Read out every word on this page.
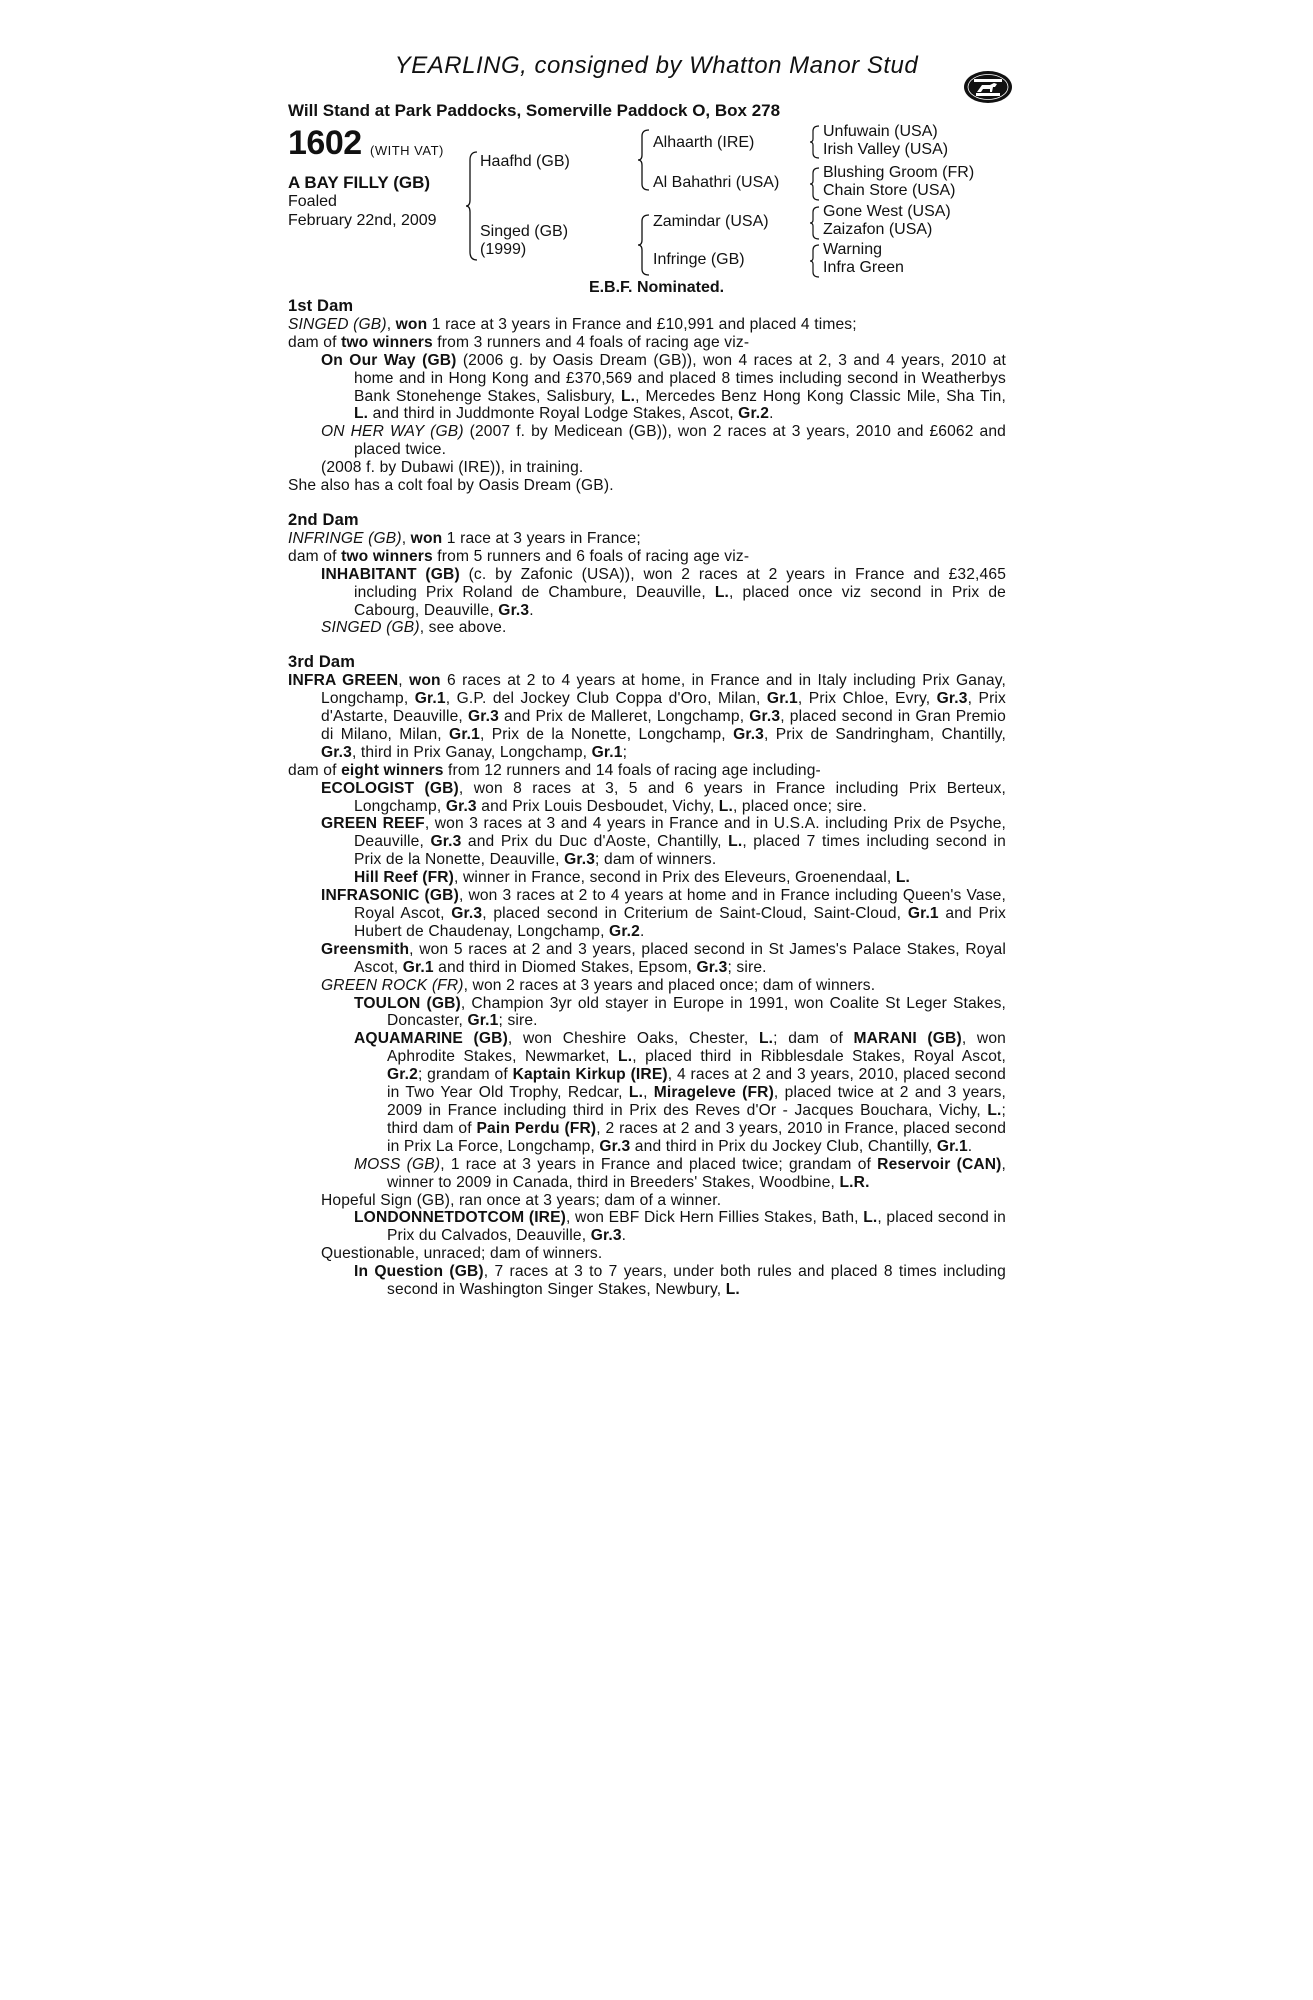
YEARLING, consigned by Whatton Manor Stud
Will Stand at Park Paddocks, Somerville Paddock O, Box 278
1602 (WITH VAT)
A BAY FILLY (GB)
Foaled
February 22nd, 2009
Haafhd (GB)
Singed (GB)
(1999)
Alhaarth (IRE)
Al Bahathri (USA)
Zamindar (USA)
Infringe (GB)
Unfuwain (USA)
Irish Valley (USA)
Blushing Groom (FR)
Chain Store (USA)
Gone West (USA)
Zaizafon (USA)
Warning
Infra Green
E.B.F. Nominated.

1st Dam

SINGED (GB), won 1 race at 3 years in France and £10,991 and placed 4 times;

dam of two winners from 3 runners and 4 foals of racing age viz-

On Our Way (GB) (2006 g. by Oasis Dream (GB)), won 4 races at 2, 3 and 4 years, 2010 at home and in Hong Kong and £370,569 and placed 8 times including second in Weatherbys Bank Stonehenge Stakes, Salisbury, L., Mercedes Benz Hong Kong Classic Mile, Sha Tin, L. and third in Juddmonte Royal Lodge Stakes, Ascot, Gr.2.

ON HER WAY (GB) (2007 f. by Medicean (GB)), won 2 races at 3 years, 2010 and £6062 and placed twice.

(2008 f. by Dubawi (IRE)), in training.

She also has a colt foal by Oasis Dream (GB).

2nd Dam

INFRINGE (GB), won 1 race at 3 years in France;

dam of two winners from 5 runners and 6 foals of racing age viz-

INHABITANT (GB) (c. by Zafonic (USA)), won 2 races at 2 years in France and £32,465 including Prix Roland de Chambure, Deauville, L., placed once viz second in Prix de Cabourg, Deauville, Gr.3.

SINGED (GB), see above.

3rd Dam

INFRA GREEN, won 6 races at 2 to 4 years at home, in France and in Italy including Prix Ganay, Longchamp, Gr.1, G.P. del Jockey Club Coppa d'Oro, Milan, Gr.1, Prix Chloe, Evry, Gr.3, Prix d'Astarte, Deauville, Gr.3 and Prix de Malleret, Longchamp, Gr.3, placed second in Gran Premio di Milano, Milan, Gr.1, Prix de la Nonette, Longchamp, Gr.3, Prix de Sandringham, Chantilly, Gr.3, third in Prix Ganay, Longchamp, Gr.1;

dam of eight winners from 12 runners and 14 foals of racing age including-

ECOLOGIST (GB), won 8 races at 3, 5 and 6 years in France including Prix Berteux, Longchamp, Gr.3 and Prix Louis Desboudet, Vichy, L., placed once; sire.

GREEN REEF, won 3 races at 3 and 4 years in France and in U.S.A. including Prix de Psyche, Deauville, Gr.3 and Prix du Duc d'Aoste, Chantilly, L., placed 7 times including second in Prix de la Nonette, Deauville, Gr.3; dam of winners.

Hill Reef (FR), winner in France, second in Prix des Eleveurs, Groenendaal, L.

INFRASONIC (GB), won 3 races at 2 to 4 years at home and in France including Queen's Vase, Royal Ascot, Gr.3, placed second in Criterium de Saint-Cloud, Saint-Cloud, Gr.1 and Prix Hubert de Chaudenay, Longchamp, Gr.2.

Greensmith, won 5 races at 2 and 3 years, placed second in St James's Palace Stakes, Royal Ascot, Gr.1 and third in Diomed Stakes, Epsom, Gr.3; sire.

GREEN ROCK (FR), won 2 races at 3 years and placed once; dam of winners.

TOULON (GB), Champion 3yr old stayer in Europe in 1991, won Coalite St Leger Stakes, Doncaster, Gr.1; sire.

AQUAMARINE (GB), won Cheshire Oaks, Chester, L.; dam of MARANI (GB), won Aphrodite Stakes, Newmarket, L., placed third in Ribblesdale Stakes, Royal Ascot, Gr.2; grandam of Kaptain Kirkup (IRE), 4 races at 2 and 3 years, 2010, placed second in Two Year Old Trophy, Redcar, L., Mirageleve (FR), placed twice at 2 and 3 years, 2009 in France including third in Prix des Reves d'Or - Jacques Bouchara, Vichy, L.; third dam of Pain Perdu (FR), 2 races at 2 and 3 years, 2010 in France, placed second in Prix La Force, Longchamp, Gr.3 and third in Prix du Jockey Club, Chantilly, Gr.1.

MOSS (GB), 1 race at 3 years in France and placed twice; grandam of Reservoir (CAN), winner to 2009 in Canada, third in Breeders' Stakes, Woodbine, L.R.

Hopeful Sign (GB), ran once at 3 years; dam of a winner.

LONDONNETDOTCOM (IRE), won EBF Dick Hern Fillies Stakes, Bath, L., placed second in Prix du Calvados, Deauville, Gr.3.

Questionable, unraced; dam of winners.

In Question (GB), 7 races at 3 to 7 years, under both rules and placed 8 times including second in Washington Singer Stakes, Newbury, L.
